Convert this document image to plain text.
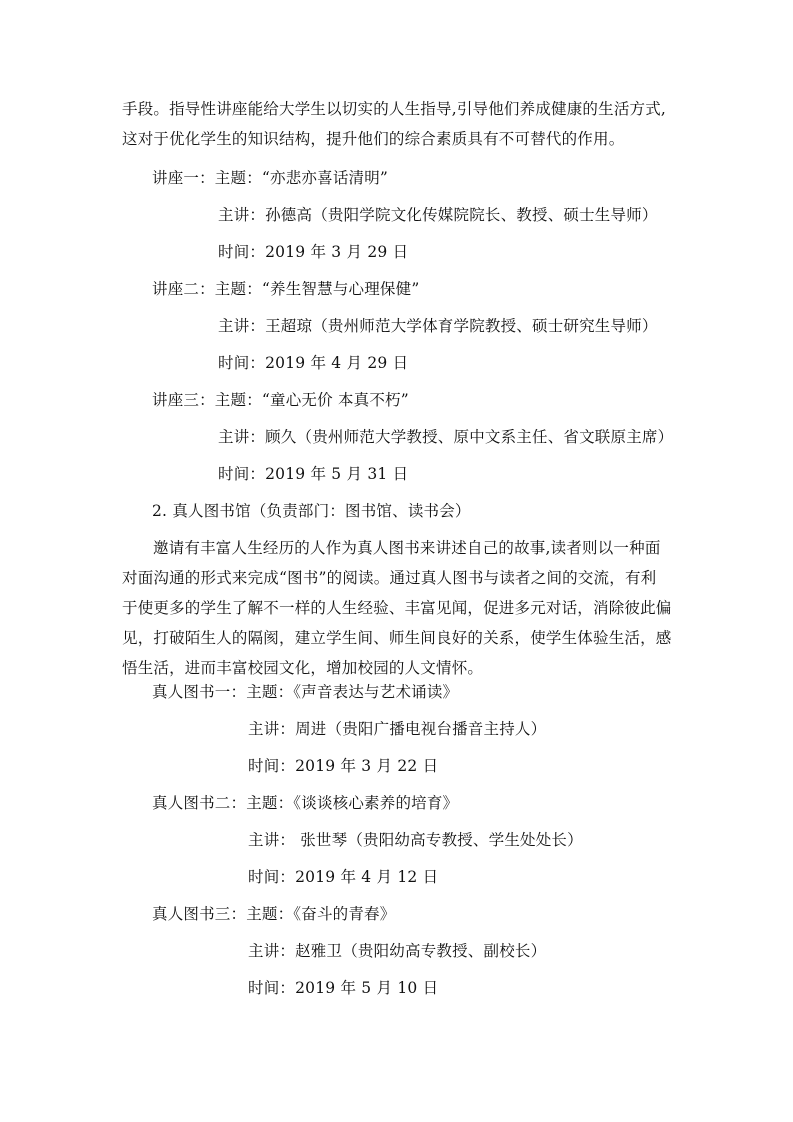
手段。指导性讲座能给大学生以切实的人生指导,引导他们养成健康的生活方式,
这对于优化学生的知识结构，提升他们的综合素质具有不可替代的作用。
讲座一：主题：“亦悲亦喜话清明”
主讲：孙德高（贵阳学院文化传媒院院长、教授、硕士生导师）
时间：2019 年 3 月 29 日
讲座二：主题：“养生智慧与心理保健”
主讲：王超琼（贵州师范大学体育学院教授、硕士研究生导师）
时间：2019 年 4 月 29 日
讲座三：主题：“童心无价 本真不朽”
主讲：顾久（贵州师范大学教授、原中文系主任、省文联原主席）
时间：2019 年 5 月 31 日
2. 真人图书馆（负责部门：图书馆、读书会）
邀请有丰富人生经历的人作为真人图书来讲述自己的故事,读者则以一种面
对面沟通的形式来完成“图书”的阅读。通过真人图书与读者之间的交流，有利
于使更多的学生了解不一样的人生经验、丰富见闻，促进多元对话，消除彼此偏
见，打破陌生人的隔阂，建立学生间、师生间良好的关系，使学生体验生活，感
悟生活，进而丰富校园文化，增加校园的人文情怀。
真人图书一：主题：《声音表达与艺术诵读》
主讲：周进（贵阳广播电视台播音主持人）
时间：2019 年 3 月 22 日
真人图书二：主题：《谈谈核心素养的培育》
主讲： 张世琴（贵阳幼高专教授、学生处处长）
时间：2019 年 4 月 12 日
真人图书三：主题：《奋斗的青春》
主讲：赵雅卫（贵阳幼高专教授、副校长）
时间：2019 年 5 月 10 日
